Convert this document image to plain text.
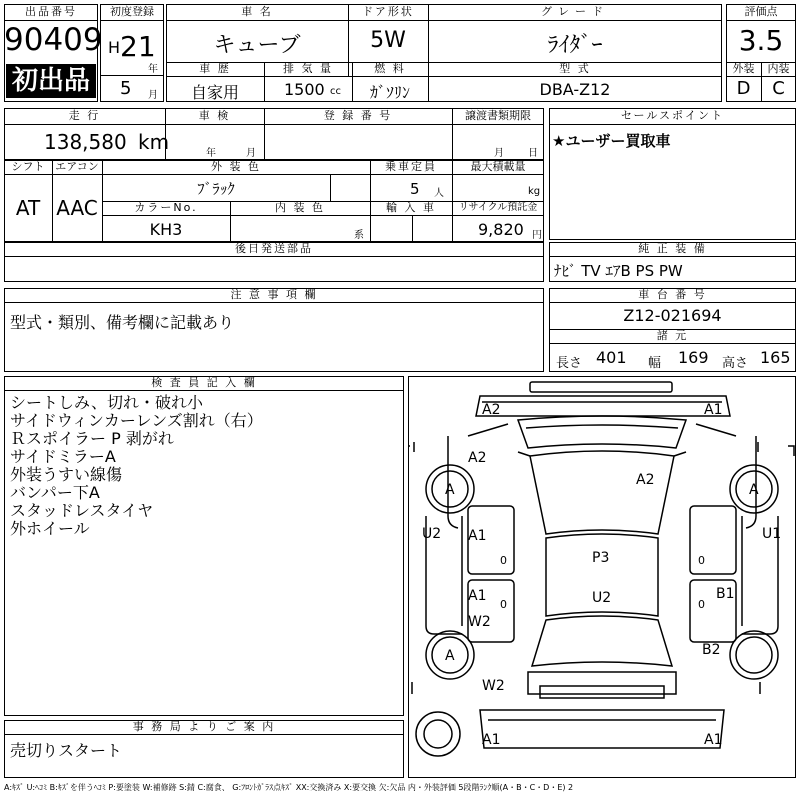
出品番号
90409
初出品
初度登録
H 21
年
5 月
車 名
キューブ
ドア形状
5W
グレード
ﾗｲﾀﾞｰ
車 歴
自家用
排 気 量
1500 cc
燃 料
ｶﾞｿﾘﾝ
型 式
DBA-Z12
評価点
3.5
外装	内装
D	C
走 行
138,580 km
車 検
年	月
登 録 番 号	譲渡書類期限
月 日
セールスポイント
★ユーザー買取車
シフト
AT
エアコン
AAC
外 装 色
ﾌﾞﾗｯｸ
乗車定員
5 人
最大積載量
kg
カラーNo.
KH3
内 装 色
系
輸 入 車	リサイクル預託金
9,820 円
後日発送部品	純 正 装 備
ﾅﾋﾞ TV ｴｱB PS PW
注 意 事 項 欄
型式・類別、備考欄に記載あり
車 台 番 号
Z12-021694
諸 元
長さ 401 幅 169 高さ 165
検 査 員 記 入 欄
シートしみ、切れ・破れ小
サイドウィンカーレンズ割れ（右）
Ｒスポイラー P 剥がれ
サイドミラーA
外装うすい線傷
バンパー下A
スタッドレスタイヤ
外ホイール
事 務 局 よ り ご 案 内
売切りスタート
A2	A1
A2
A2
A	A
U2	U1
A1
0	0
P3
U2
A1
0
W2
B1
0
A	B2
W2
A1	A1
A:ｷｽﾞ U:ﾍｺﾐ B:ｷｽﾞを伴うﾍｺﾐ P:要塗装 W:補修跡 S:錆 C:腐食、 G:ﾌﾛﾝﾄｶﾞﾗｽ点ｷｽﾞ XX:交換済み X:要交換 欠:欠品 内・外装評価 5段階ﾗﾝｸ順(A・B・C・D・E) 2
